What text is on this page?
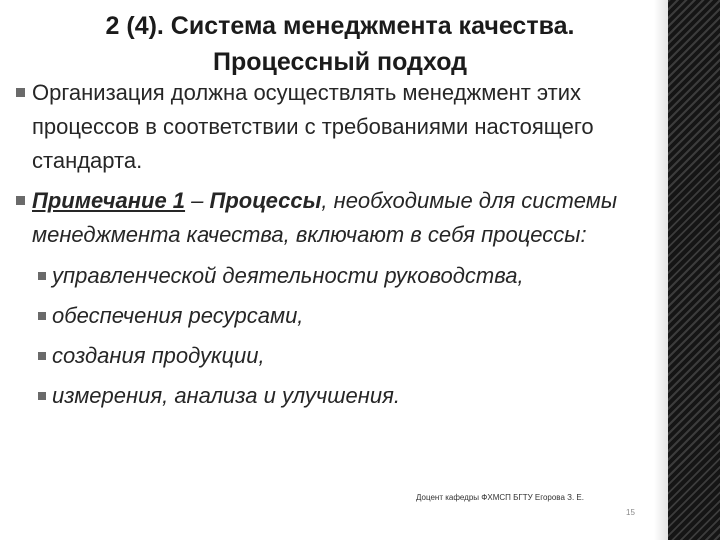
2 (4). Система менеджмента качества.
Процессный подход
Организация должна осуществлять менеджмент этих процессов в соответствии с требованиями настоящего стандарта.
Примечание 1 – Процессы, необходимые для системы менеджмента качества, включают в себя процессы:
управленческой деятельности руководства,
обеспечения ресурсами,
создания продукции,
измерения, анализа и улучшения.
Доцент кафедры ФХМСП БГТУ Егорова З. Е.
15
